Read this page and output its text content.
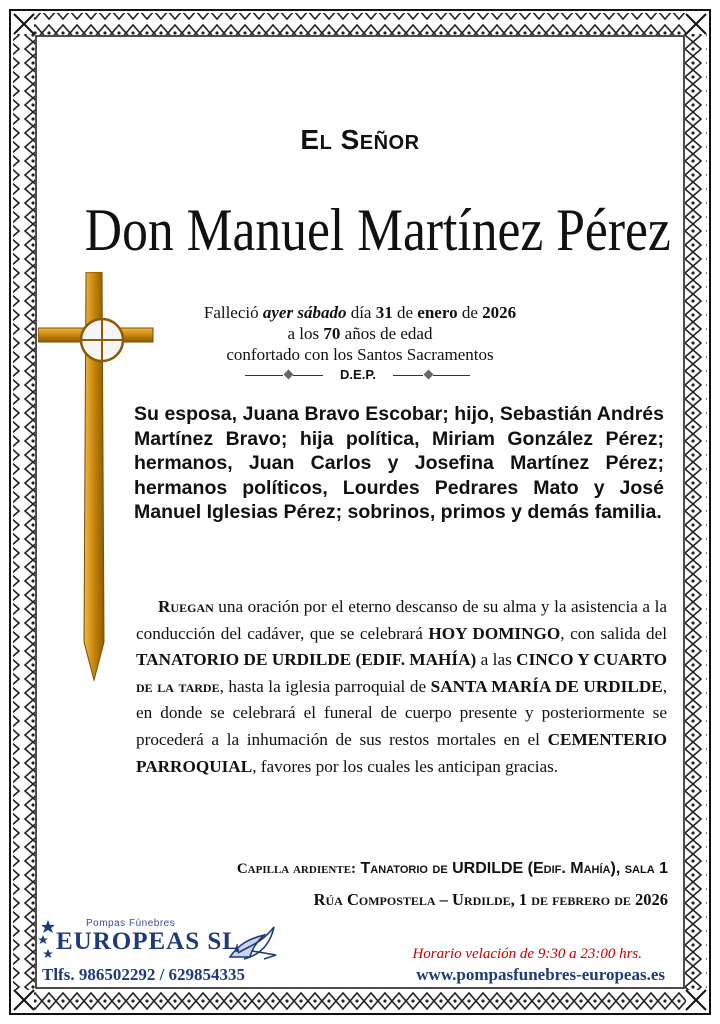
El Señor
Don Manuel Martínez Pérez
Falleció ayer sábado día 31 de enero de 2026
a los 70 años de edad
confortado con los Santos Sacramentos
D.E.P.
Su esposa, Juana Bravo Escobar; hijo, Sebastián Andrés Martínez Bravo; hija política, Miriam González Pérez; hermanos, Juan Carlos y Josefina Martínez Pérez; hermanos políticos, Lourdes Pedrares Mato y José Manuel Iglesias Pérez; sobrinos, primos y demás familia.
Ruegan una oración por el eterno descanso de su alma y la asistencia a la conducción del cadáver, que se celebrará HOY DOMINGO, con salida del TANATORIO DE URDILDE (EDIF. MAHÍA) a las CINCO Y CUARTO de la tarde, hasta la iglesia parroquial de SANTA MARÍA DE URDILDE, en donde se celebrará el funeral de cuerpo presente y posteriormente se procederá a la inhumación de sus restos mortales en el CEMENTERIO PARROQUIAL, favores por los cuales les anticipan gracias.
Capilla ardiente: Tanatorio de URDILDE (Edif. Mahía), sala 1
Rúa Compostela – Urdilde, 1 de febrero de 2026
Pompas Fúnebres
EUROPEAS SL	Horario velación de 9:30 a 23:00 hrs.
Tlfs. 986502292 / 629854335	www.pompasfunebres-europeas.es
